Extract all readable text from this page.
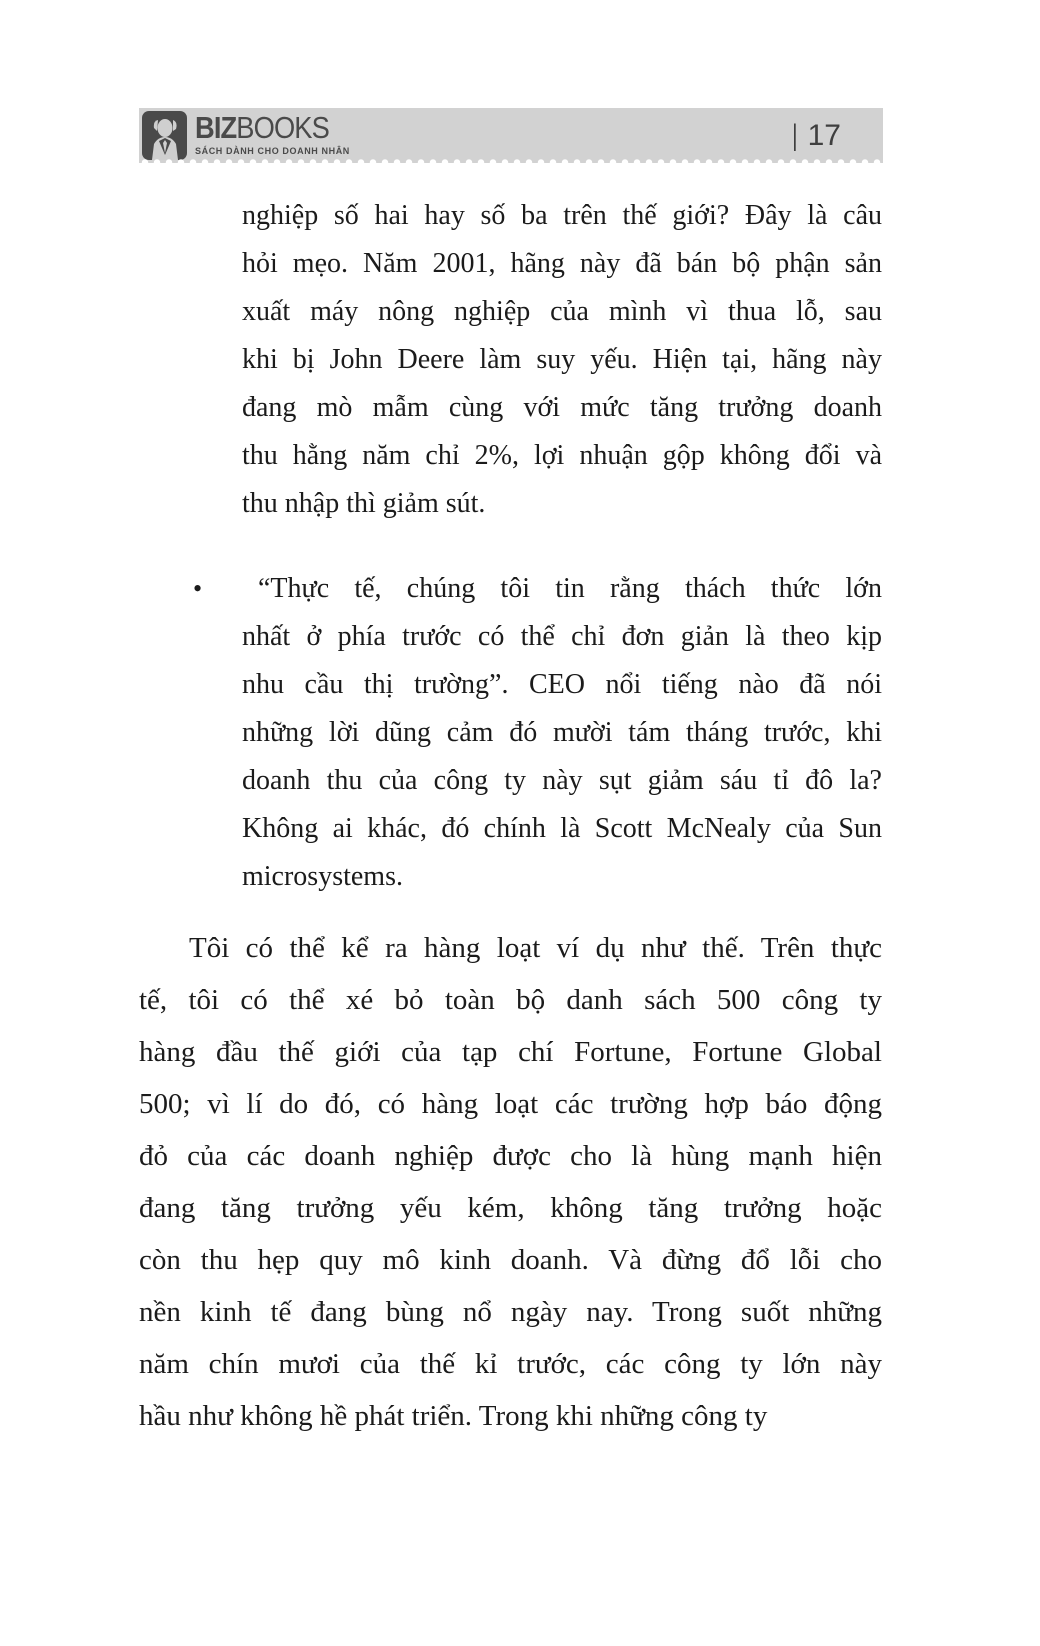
BIZBOOKS
SÁCH DÀNH CHO DOANH NHÂN	| 17
nghiệp số hai hay số ba trên thế giới? Đây là câu
hỏi mẹo. Năm 2001, hãng này đã bán bộ phận sản
xuất máy nông nghiệp của mình vì thua lỗ, sau
khi bị John Deere làm suy yếu. Hiện tại, hãng này
đang mò mẫm cùng với mức tăng trưởng doanh
thu hằng năm chỉ 2%, lợi nhuận gộp không đổi và
thu nhập thì giảm sút.
•	“Thực tế, chúng tôi tin rằng thách thức lớn
nhất ở phía trước có thể chỉ đơn giản là theo kịp
nhu cầu thị trường”. CEO nổi tiếng nào đã nói
những lời dũng cảm đó mười tám tháng trước, khi
doanh thu của công ty này sụt giảm sáu tỉ đô la?
Không ai khác, đó chính là Scott McNealy của Sun
microsystems.
Tôi có thể kể ra hàng loạt ví dụ như thế. Trên thực
tế, tôi có thể xé bỏ toàn bộ danh sách 500 công ty
hàng đầu thế giới của tạp chí Fortune, Fortune Global
500; vì lí do đó, có hàng loạt các trường hợp báo động
đỏ của các doanh nghiệp được cho là hùng mạnh hiện
đang tăng trưởng yếu kém, không tăng trưởng hoặc
còn thu hẹp quy mô kinh doanh. Và đừng đổ lỗi cho
nền kinh tế đang bùng nổ ngày nay. Trong suốt những
năm chín mươi của thế kỉ trước, các công ty lớn này
hầu như không hề phát triển. Trong khi những công ty
